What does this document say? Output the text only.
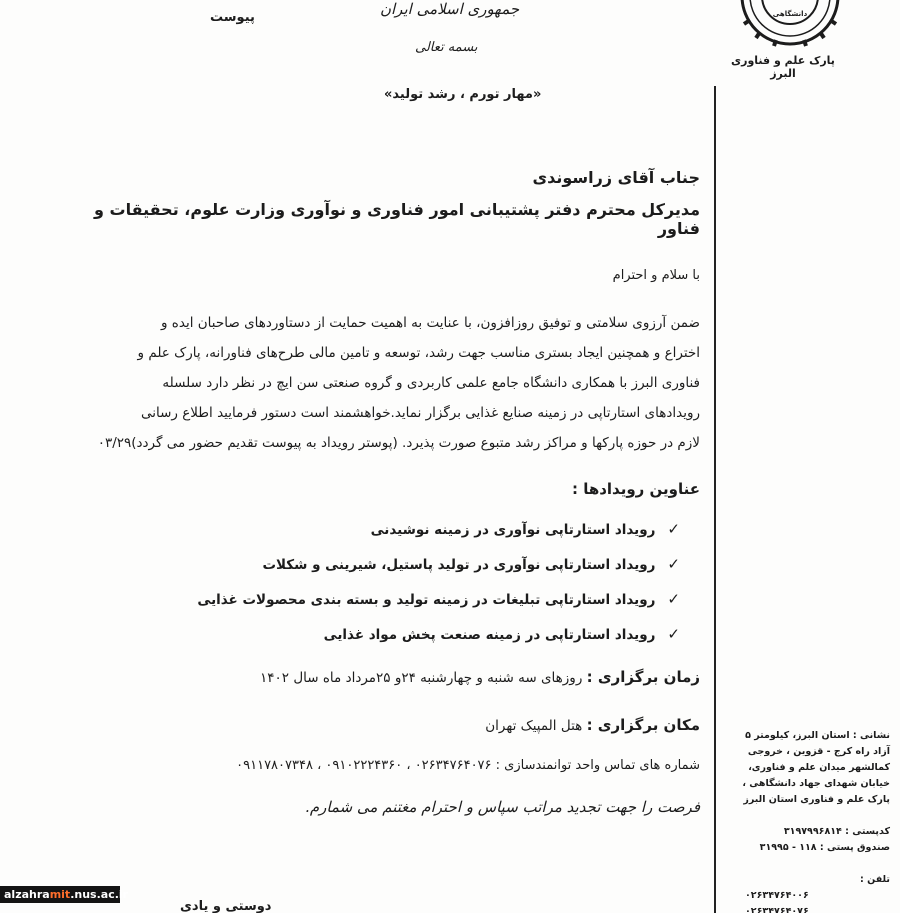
پیوست	جمهوری اسلامی ایران
بسمه تعالی
«مهار تورم ، رشد تولید»
دانشگاهی
پارک علم و فناوری البرز
جناب آقای زراسوندی
مدیرکل محترم دفتر پشتیبانی امور فناوری و نوآوری وزارت علوم، تحقیقات و فناور
با سلام و احترام
ضمن آرزوی سلامتی و توفیق روزافزون، با عنایت به اهمیت حمایت از دستاوردهای صاحبان ایده و
اختراع و همچنین ایجاد بستری مناسب جهت رشد، توسعه و تامین مالی طرح‌های فناورانه، پارک علم و
فناوری البرز با همکاری دانشگاه جامع علمی کاربردی و گروه صنعتی سن ایچ در نظر دارد سلسله
رویدادهای استارتاپی در زمینه صنایع غذایی برگزار نماید.خواهشمند است دستور فرمایید اطلاع رسانی
لازم در حوزه پارکها و مراکز رشد متبوع صورت پذیرد. (پوستر رویداد به پیوست تقدیم حضور می گردد)۰۳/۲۹
عناوین رویدادها :
✓رویداد استارتاپی نوآوری در زمینه نوشیدنی
✓رویداد استارتاپی نوآوری در تولید پاستیل، شیرینی و شکلات
✓رویداد استارتاپی تبلیغات در زمینه تولید و بسته بندی محصولات غذایی
✓رویداد استارتاپی در زمینه صنعت پخش مواد غذایی
زمان برگزاری : روزهای سه شنبه و چهارشنبه ۲۴و ۲۵مرداد ماه سال ۱۴۰۲
مکان برگزاری : هتل المپیک تهران
شماره های تماس واحد توانمندسازی : ۰۲۶۳۴۷۶۴۰۷۶ ، ۰۹۱۰۲۲۲۴۳۶۰ ، ۰۹۱۱۷۸۰۷۳۴۸
فرصت را جهت تجدید مراتب سپاس و احترام مغتنم می شمارم.
دوستی و یادی
نشانی : استان البرز، کیلومتر ۵ آزاد راه کرج - قزوین ، خروجی کمالشهر میدان علم و فناوری، خیابان شهدای جهاد دانشگاهی ، پارک علم و فناوری استان البرز
کدپستی : ۳۱۹۷۹۹۶۸۱۴
صندوق پستی : ۱۱۸ - ۳۱۹۹۵
تلفن :
۰۲۶۳۴۷۶۴۰۰۶
۰۲۶۳۴۷۶۴۰۷۶
alzahramit.nus.ac.ir
